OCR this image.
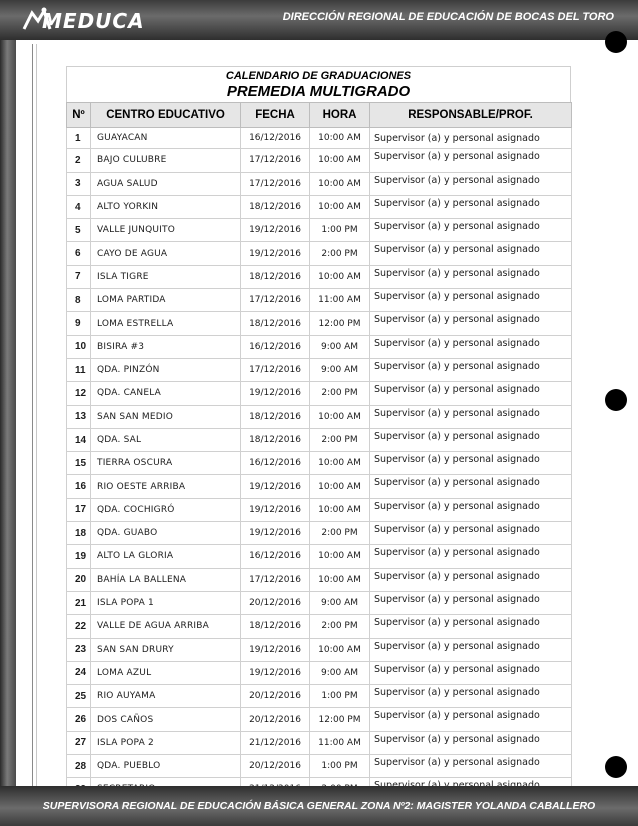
MEDUCA	DIRECCIÓN REGIONAL DE EDUCACIÓN DE BOCAS DEL TORO
CALENDARIO DE GRADUACIONES
PREMEDIA MULTIGRADO
Nº	CENTRO EDUCATIVO	FECHA	HORA	RESPONSABLE/PROF.
1	GUAYACAN	16/12/2016	10:00 AM	Supervisor (a) y personal asignado
2	BAJO CULUBRE	17/12/2016	10:00 AM	Supervisor (a) y personal asignado
3	AGUA SALUD	17/12/2016	10:00 AM	Supervisor (a) y personal asignado
4	ALTO YORKIN	18/12/2016	10:00 AM	Supervisor (a) y personal asignado
5	VALLE JUNQUITO	19/12/2016	1:00 PM	Supervisor (a) y personal asignado
6	CAYO DE AGUA	19/12/2016	2:00 PM	Supervisor (a) y personal asignado
7	ISLA TIGRE	18/12/2016	10:00 AM	Supervisor (a) y personal asignado
8	LOMA PARTIDA	17/12/2016	11:00 AM	Supervisor (a) y personal asignado
9	LOMA ESTRELLA	18/12/2016	12:00 PM	Supervisor (a) y personal asignado
10	BISIRA #3	16/12/2016	9:00 AM	Supervisor (a) y personal asignado
11	QDA. PINZÓN	17/12/2016	9:00 AM	Supervisor (a) y personal asignado
12	QDA. CANELA	19/12/2016	2:00 PM	Supervisor (a) y personal asignado
13	SAN SAN MEDIO	18/12/2016	10:00 AM	Supervisor (a) y personal asignado
14	QDA. SAL	18/12/2016	2:00 PM	Supervisor (a) y personal asignado
15	TIERRA OSCURA	16/12/2016	10:00 AM	Supervisor (a) y personal asignado
16	RIO OESTE ARRIBA	19/12/2016	10:00 AM	Supervisor (a) y personal asignado
17	QDA. COCHIGRÓ	19/12/2016	10:00 AM	Supervisor (a) y personal asignado
18	QDA. GUABO	19/12/2016	2:00 PM	Supervisor (a) y personal asignado
19	ALTO LA GLORIA	16/12/2016	10:00 AM	Supervisor (a) y personal asignado
20	BAHÍA LA BALLENA	17/12/2016	10:00 AM	Supervisor (a) y personal asignado
21	ISLA POPA 1	20/12/2016	9:00 AM	Supervisor (a) y personal asignado
22	VALLE DE AGUA ARRIBA	18/12/2016	2:00 PM	Supervisor (a) y personal asignado
23	SAN SAN DRURY	19/12/2016	10:00 AM	Supervisor (a) y personal asignado
24	LOMA AZUL	19/12/2016	9:00 AM	Supervisor (a) y personal asignado
25	RIO AUYAMA	20/12/2016	1:00 PM	Supervisor (a) y personal asignado
26	DOS CAÑOS	20/12/2016	12:00 PM	Supervisor (a) y personal asignado
27	ISLA POPA 2	21/12/2016	11:00 AM	Supervisor (a) y personal asignado
28	QDA. PUEBLO	20/12/2016	1:00 PM	Supervisor (a) y personal asignado

SUPERVISORA REGIONAL DE EDUCACIÓN BÁSICA GENERAL ZONA Nº2: MAGISTER YOLANDA CABALLERO
